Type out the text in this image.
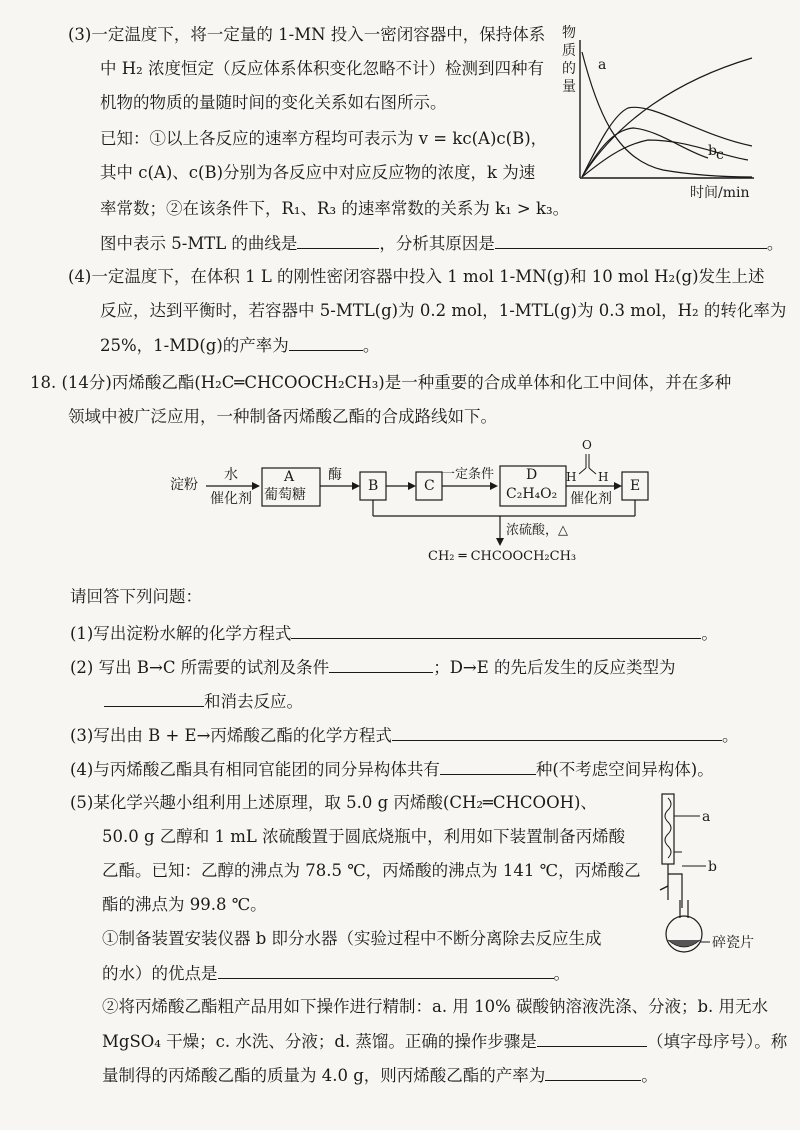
(3)一定温度下，将一定量的 1-MN 投入一密闭容器中，保持体系
中 H₂ 浓度恒定（反应体系体积变化忽略不计）检测到四种有
机物的物质的量随时间的变化关系如右图所示。
已知：①以上各反应的速率方程均可表示为 v = kc(A)c(B)，
其中 c(A)、c(B)分别为各反应中对应反应物的浓度，k 为速
率常数；②在该条件下，R₁、R₃ 的速率常数的关系为 k₁ > k₃。
图中表示 5-MTL 的曲线是	，分析其原因是	。
物
质
的
量
a
b c
时间/min
(4)一定温度下，在体积 1 L 的刚性密闭容器中投入 1 mol 1-MN(g)和 10 mol H₂(g)发生上述
反应，达到平衡时，若容器中 5-MTL(g)为 0.2 mol，1-MTL(g)为 0.3 mol，H₂ 的转化率为
25%，1-MD(g)的产率为	。
18. (14分)丙烯酸乙酯(H₂C═CHCOOCH₂CH₃)是一种重要的合成单体和化工中间体，并在多种
领域中被广泛应用，一种制备丙烯酸乙酯的合成路线如下。
淀粉
水
催化剂
A
葡萄糖
酶
B	C
一定条件 D
C₂H₄O₂
O
H H
催化剂
E
浓硫酸，△
CH₂ ═ CHCOOCH₂CH₃
请回答下列问题：
(1)写出淀粉水解的化学方程式	。
(2) 写出 B→C 所需要的试剂及条件	；D→E 的先后发生的反应类型为
和消去反应。
(3)写出由 B + E→丙烯酸乙酯的化学方程式	。
(4)与丙烯酸乙酯具有相同官能团的同分异构体共有	种(不考虑空间异构体)。
(5)某化学兴趣小组利用上述原理，取 5.0 g 丙烯酸(CH₂═CHCOOH)、
50.0 g 乙醇和 1 mL 浓硫酸置于圆底烧瓶中，利用如下装置制备丙烯酸
乙酯。已知：乙醇的沸点为 78.5 ℃，丙烯酸的沸点为 141 ℃，丙烯酸乙
酯的沸点为 99.8 ℃。
①制备装置安装仪器 b 即分水器（实验过程中不断分离除去反应生成
的水）的优点是	。
②将丙烯酸乙酯粗产品用如下操作进行精制：a. 用 10% 碳酸钠溶液洗涤、分液；b. 用无水
MgSO₄ 干燥；c. 水洗、分液；d. 蒸馏。正确的操作步骤是	（填字母序号）。称
量制得的丙烯酸乙酯的质量为 4.0 g，则丙烯酸乙酯的产率为	。
a
b
碎瓷片
